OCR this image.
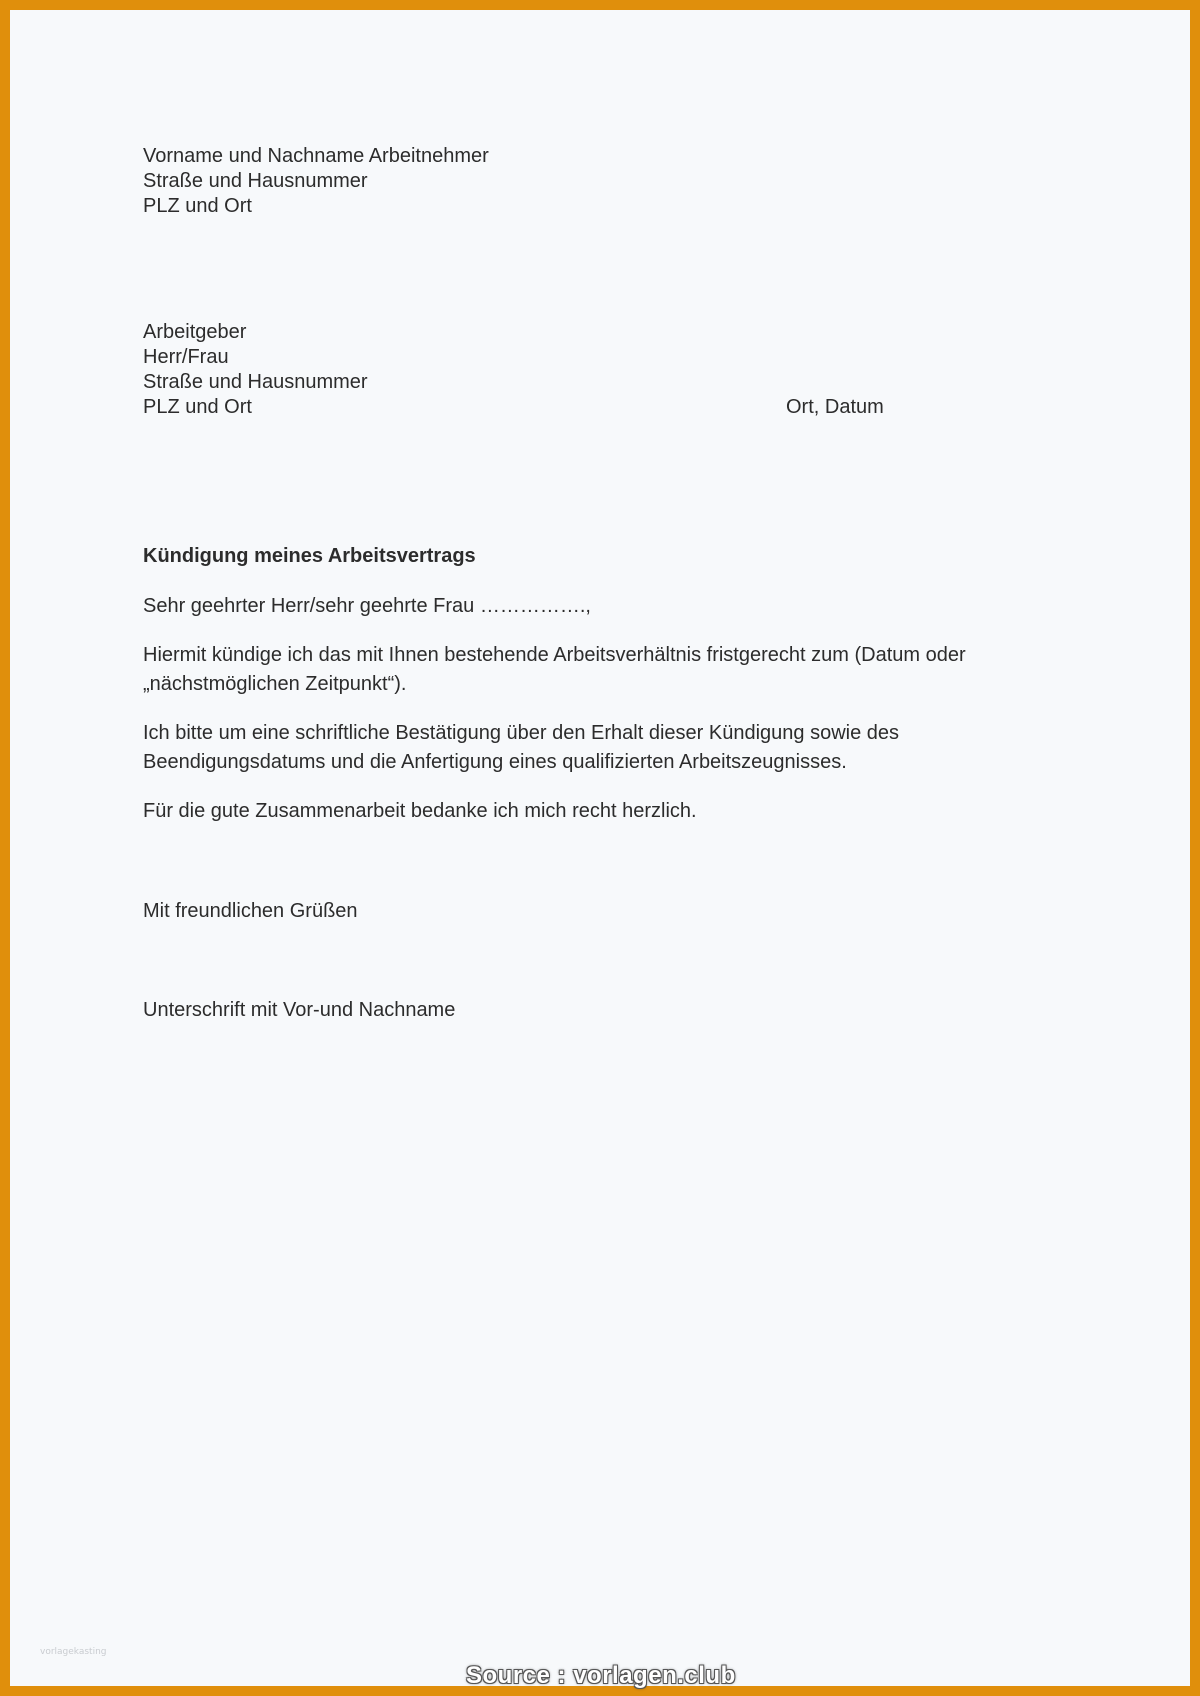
Vorname und Nachname Arbeitnehmer
Straße und Hausnummer
PLZ und Ort
Arbeitgeber
Herr/Frau
Straße und Hausnummer
PLZ und Ort	Ort, Datum
Kündigung meines Arbeitsvertrags
Sehr geehrter Herr/sehr geehrte Frau …………….,
Hiermit kündige ich das mit Ihnen bestehende Arbeitsverhältnis fristgerecht zum (Datum oder
„nächstmöglichen Zeitpunkt“).
Ich bitte um eine schriftliche Bestätigung über den Erhalt dieser Kündigung sowie des
Beendigungsdatums und die Anfertigung eines qualifizierten Arbeitszeugnisses.
Für die gute Zusammenarbeit bedanke ich mich recht herzlich.
Mit freundlichen Grüßen
Unterschrift mit Vor-und Nachname
vorlagekasting
Source : vorlagen.club
